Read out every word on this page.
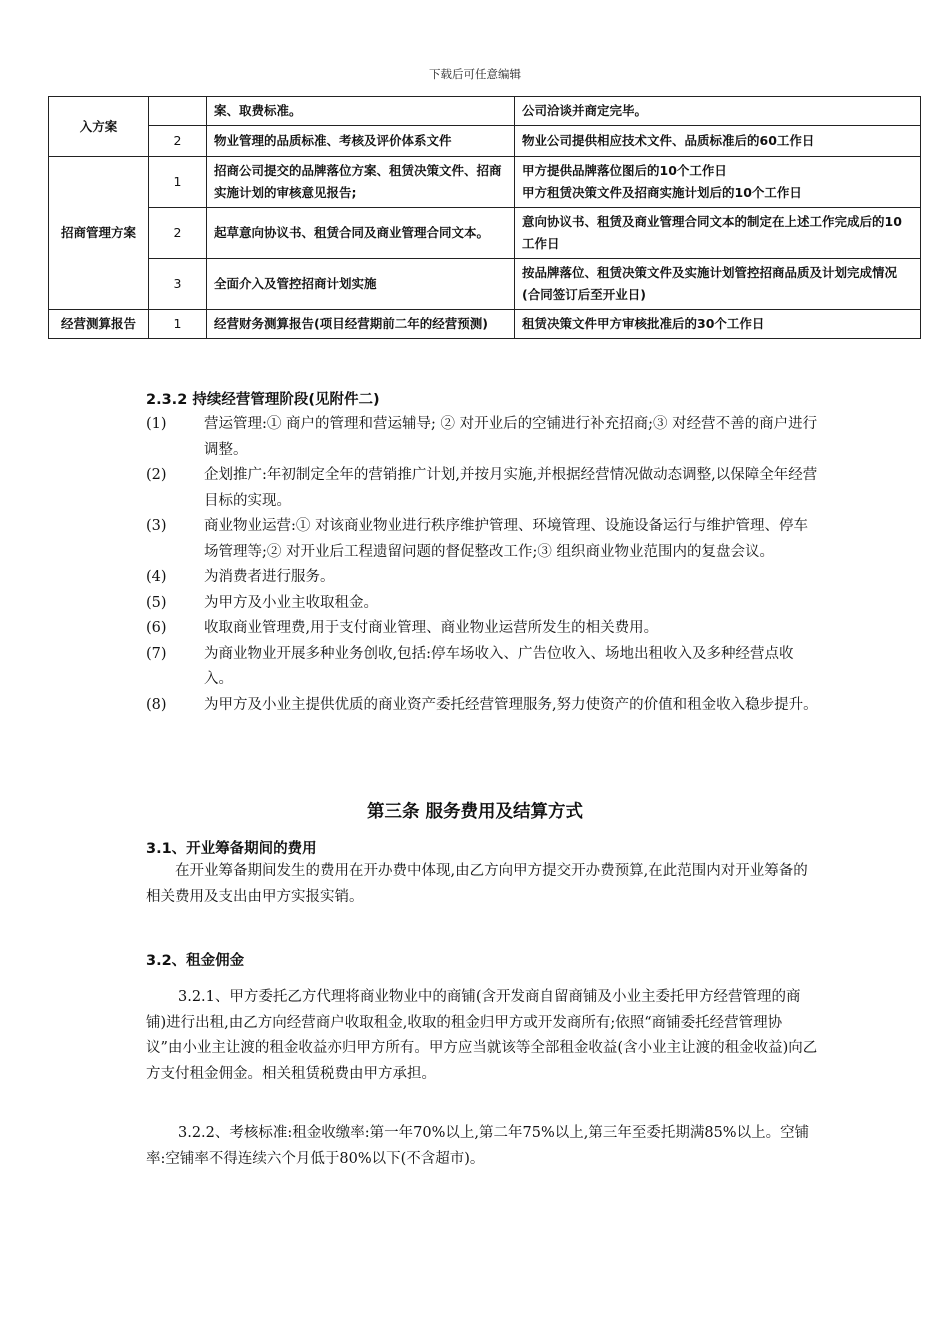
下载后可任意编辑
入方案		案、取费标准。	公司洽谈并商定完毕。
	2	物业管理的品质标准、考核及评价体系文件	物业公司提供相应技术文件、品质标准后的60工作日
招商管理方案	1	招商公司提交的品牌落位方案、租赁决策文件、招商实施计划的审核意见报告;	甲方提供品牌落位图后的10个工作日
甲方租赁决策文件及招商实施计划后的10个工作日

	2	起草意向协议书、租赁合同及商业管理合同文本。	意向协议书、租赁及商业管理合同文本的制定在上述工作完成后的10工作日
	3	全面介入及管控招商计划实施	按品牌落位、租赁决策文件及实施计划管控招商品质及计划完成情况(合同签订后至开业日)
经营测算报告	1	经营财务测算报告(项目经营期前二年的经营预测)	租赁决策文件甲方审核批准后的30个工作日
2.3.2 持续经营管理阶段(见附件二)
(1)	营运管理:① 商户的管理和营运辅导; ② 对开业后的空铺进行补充招商;③ 对经营不善的商户进行调整。
(2)	企划推广:年初制定全年的营销推广计划,并按月实施,并根据经营情况做动态调整,以保障全年经营目标的实现。
(3)	商业物业运营:① 对该商业物业进行秩序维护管理、环境管理、设施设备运行与维护管理、停车场管理等;② 对开业后工程遗留问题的督促整改工作;③ 组织商业物业范围内的复盘会议。
(4)	为消费者进行服务。
(5)	为甲方及小业主收取租金。
(6)	收取商业管理费,用于支付商业管理、商业物业运营所发生的相关费用。
(7)	为商业物业开展多种业务创收,包括:停车场收入、广告位收入、场地出租收入及多种经营点收入。
(8)	为甲方及小业主提供优质的商业资产委托经营管理服务,努力使资产的价值和租金收入稳步提升。
第三条 服务费用及结算方式
3.1、开业筹备期间的费用
在开业筹备期间发生的费用在开办费中体现,由乙方向甲方提交开办费预算,在此范围内对开业筹备的相关费用及支出由甲方实报实销。
3.2、租金佣金
3.2.1、甲方委托乙方代理将商业物业中的商铺(含开发商自留商铺及小业主委托甲方经营管理的商铺)进行出租,由乙方向经营商户收取租金,收取的租金归甲方或开发商所有;依照“商铺委托经营管理协议”由小业主让渡的租金收益亦归甲方所有。甲方应当就该等全部租金收益(含小业主让渡的租金收益)向乙方支付租金佣金。相关租赁税费由甲方承担。
3.2.2、考核标准:租金收缴率:第一年70%以上,第二年75%以上,第三年至委托期满85%以上。空铺率:空铺率不得连续六个月低于80%以下(不含超市)。
